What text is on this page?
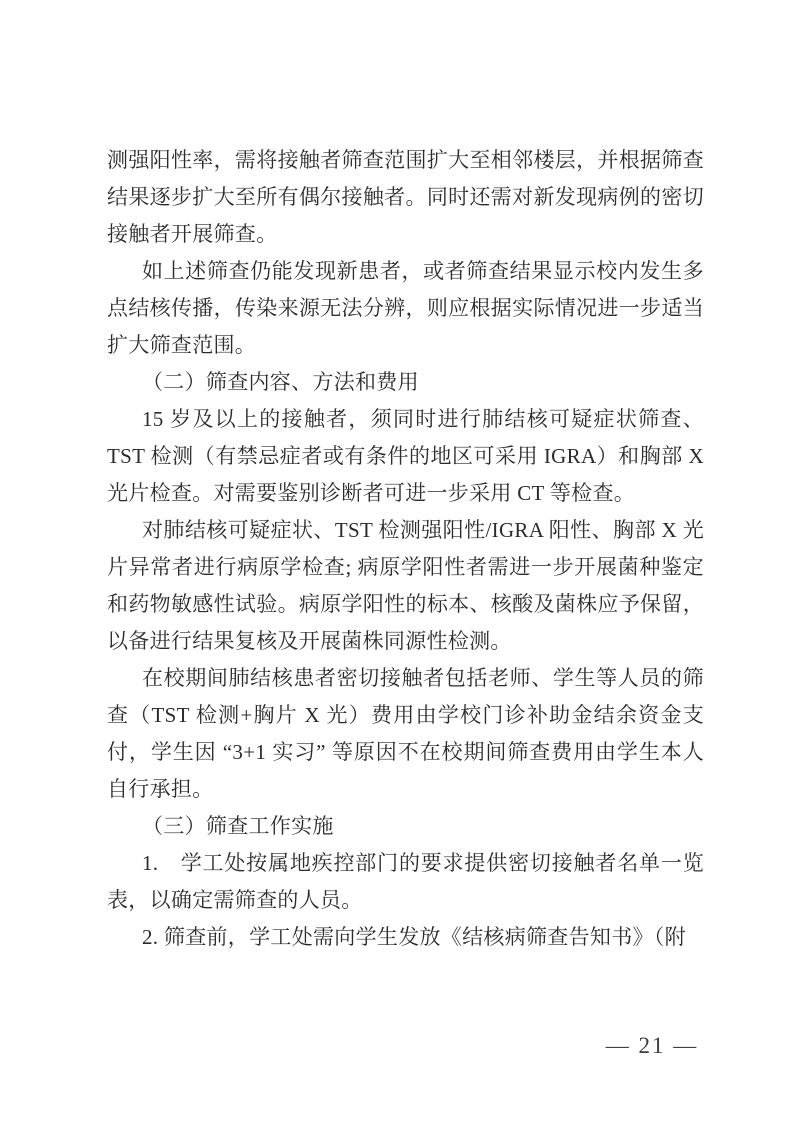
测强阳性率，需将接触者筛查范围扩大至相邻楼层，并根据筛查结果逐步扩大至所有偶尔接触者。同时还需对新发现病例的密切接触者开展筛查。

如上述筛查仍能发现新患者，或者筛查结果显示校内发生多点结核传播，传染来源无法分辨，则应根据实际情况进一步适当扩大筛查范围。

（二）筛查内容、方法和费用

15 岁及以上的接触者，须同时进行肺结核可疑症状筛查、TST 检测（有禁忌症者或有条件的地区可采用 IGRA）和胸部 X 光片检查。对需要鉴别诊断者可进一步采用 CT 等检查。

对肺结核可疑症状、TST 检测强阳性/IGRA 阳性、胸部 X 光片异常者进行病原学检查; 病原学阳性者需进一步开展菌种鉴定和药物敏感性试验。病原学阳性的标本、核酸及菌株应予保留，以备进行结果复核及开展菌株同源性检测。

在校期间肺结核患者密切接触者包括老师、学生等人员的筛查（TST 检测+胸片 X 光）费用由学校门诊补助金结余资金支付，学生因 “3+1 实习” 等原因不在校期间筛查费用由学生本人自行承担。

（三）筛查工作实施

1.　学工处按属地疾控部门的要求提供密切接触者名单一览表，以确定需筛查的人员。

2. 筛查前，学工处需向学生发放《结核病筛查告知书》（附

— 21 —
